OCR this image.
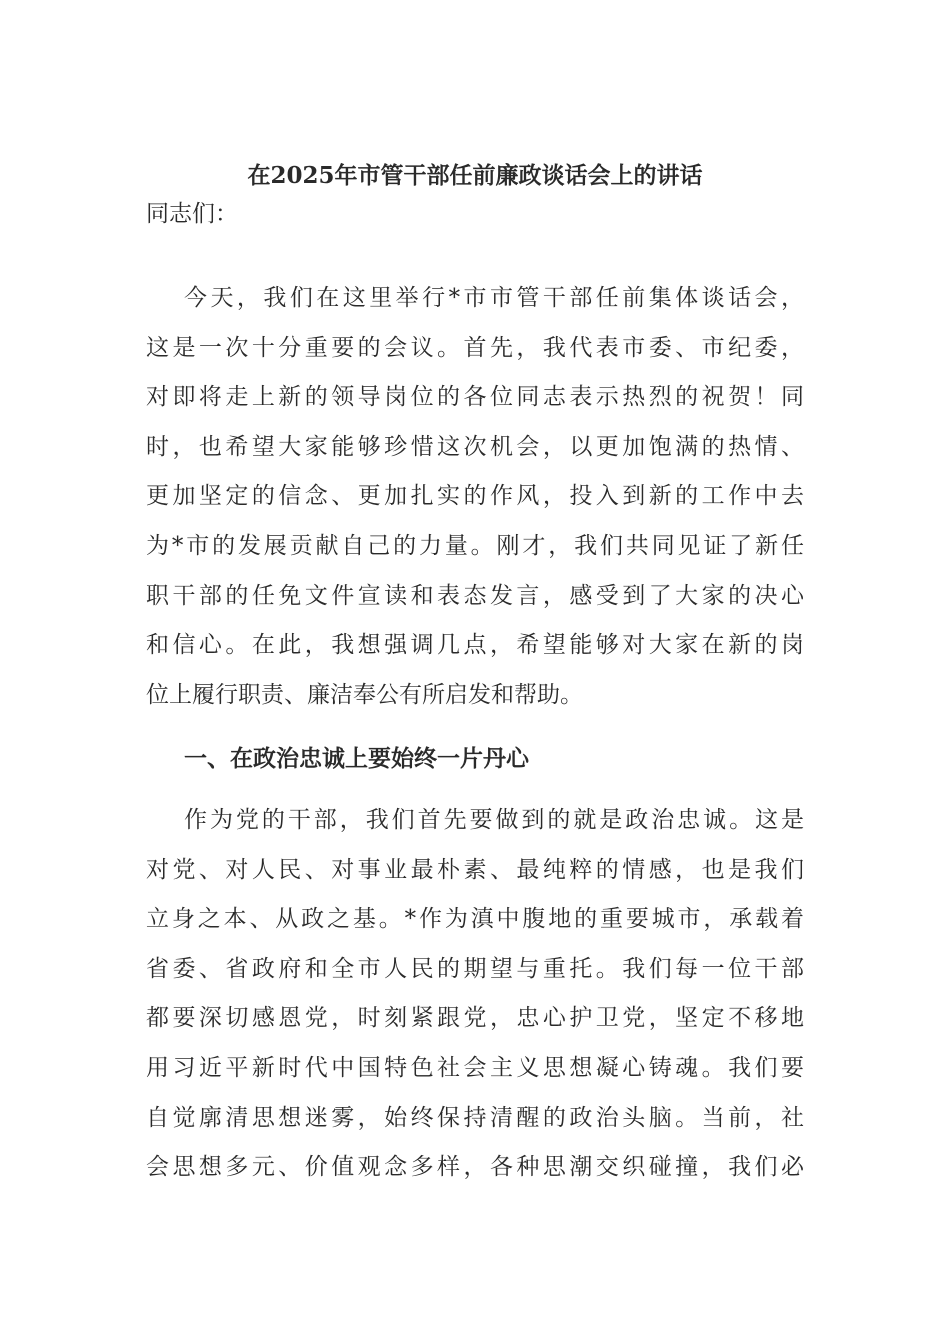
在2025年市管干部任前廉政谈话会上的讲话
同志们：
今天，我们在这里举行*市市管干部任前集体谈话会，
这是一次十分重要的会议。首先，我代表市委、市纪委，
对即将走上新的领导岗位的各位同志表示热烈的祝贺！同
时，也希望大家能够珍惜这次机会，以更加饱满的热情、
更加坚定的信念、更加扎实的作风，投入到新的工作中去
为*市的发展贡献自己的力量。刚才，我们共同见证了新任
职干部的任免文件宣读和表态发言，感受到了大家的决心
和信心。在此，我想强调几点，希望能够对大家在新的岗
位上履行职责、廉洁奉公有所启发和帮助。
一、在政治忠诚上要始终一片丹心
作为党的干部，我们首先要做到的就是政治忠诚。这是
对党、对人民、对事业最朴素、最纯粹的情感，也是我们
立身之本、从政之基。*作为滇中腹地的重要城市，承载着
省委、省政府和全市人民的期望与重托。我们每一位干部
都要深切感恩党，时刻紧跟党，忠心护卫党，坚定不移地
用习近平新时代中国特色社会主义思想凝心铸魂。我们要
自觉廓清思想迷雾，始终保持清醒的政治头脑。当前，社
会思想多元、价值观念多样，各种思潮交织碰撞，我们必
